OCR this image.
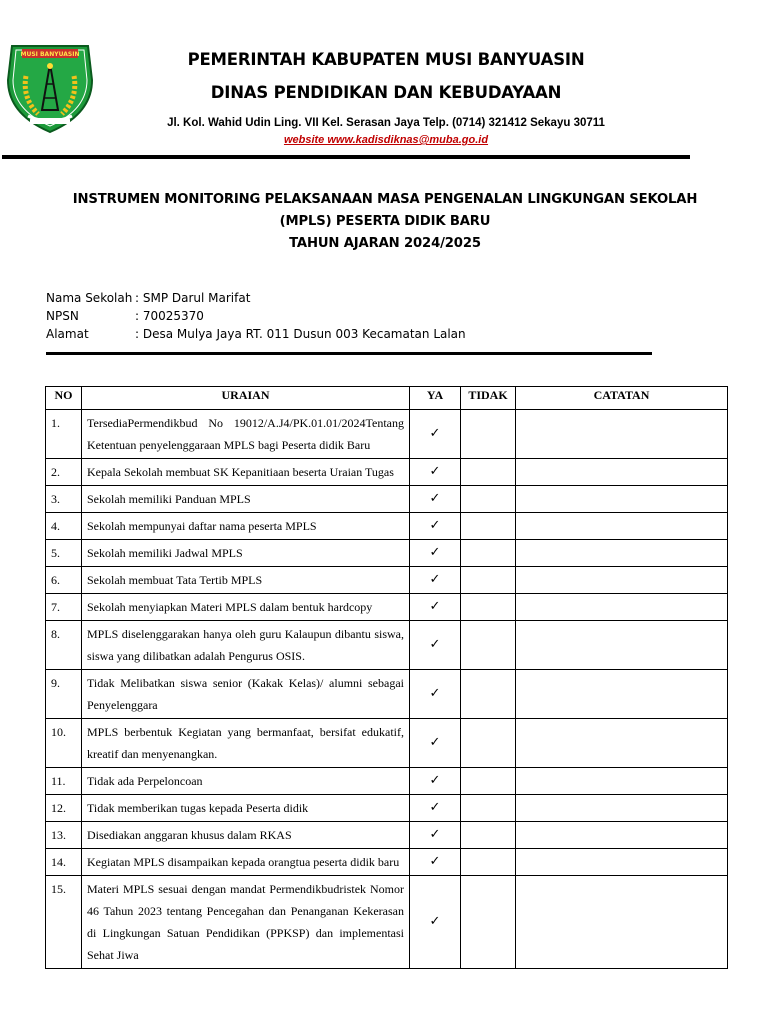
MUSI BANYUASIN	PEMERINTAH KABUPATEN MUSI BANYUASIN
DINAS PENDIDIKAN DAN KEBUDAYAAN
Jl. Kol. Wahid Udin Ling. VII Kel. Serasan Jaya Telp. (0714) 321412 Sekayu 30711
website www.kadisdiknas@muba.go.id
INSTRUMEN MONITORING PELAKSANAAN MASA PENGENALAN LINGKUNGAN SEKOLAH
(MPLS) PESERTA DIDIK BARU
TAHUN AJARAN 2024/2025
Nama Sekolah : SMP Darul Marifat
NPSN	: 70025370
Alamat	: Desa Mulya Jaya RT. 011 Dusun 003 Kecamatan Lalan
NO	URAIAN	YA	TIDAK	CATATAN
1.	TersediaPermendikbud No 19012/A.J4/PK.01.01/2024Tentang Ketentuan penyelenggaraan MPLS bagi Peserta didik Baru	✓		
2.	Kepala Sekolah membuat SK Kepanitiaan beserta Uraian Tugas	✓		
3.	Sekolah memiliki Panduan MPLS	✓		
4.	Sekolah mempunyai daftar nama peserta MPLS	✓		
5.	Sekolah memiliki Jadwal MPLS	✓		
6.	Sekolah membuat Tata Tertib MPLS	✓		
7.	Sekolah menyiapkan Materi MPLS dalam bentuk hardcopy	✓		
8.	MPLS diselenggarakan hanya oleh guru Kalaupun dibantu siswa, siswa yang dilibatkan adalah Pengurus OSIS.	✓		
9.	Tidak Melibatkan siswa senior (Kakak Kelas)/ alumni sebagai Penyelenggara	✓		
10.	MPLS berbentuk Kegiatan yang bermanfaat, bersifat edukatif, kreatif dan menyenangkan.	✓		
11.	Tidak ada Perpeloncoan	✓		
12.	Tidak memberikan tugas kepada Peserta didik	✓		
13.	Disediakan anggaran khusus dalam RKAS	✓		
14.	Kegiatan MPLS disampaikan kepada orangtua peserta didik baru	✓		
15.	Materi MPLS sesuai dengan mandat Permendikbudristek Nomor 46 Tahun 2023 tentang Pencegahan dan Penanganan Kekerasan di Lingkungan Satuan Pendidikan (PPKSP) dan implementasi Sehat Jiwa	✓		
